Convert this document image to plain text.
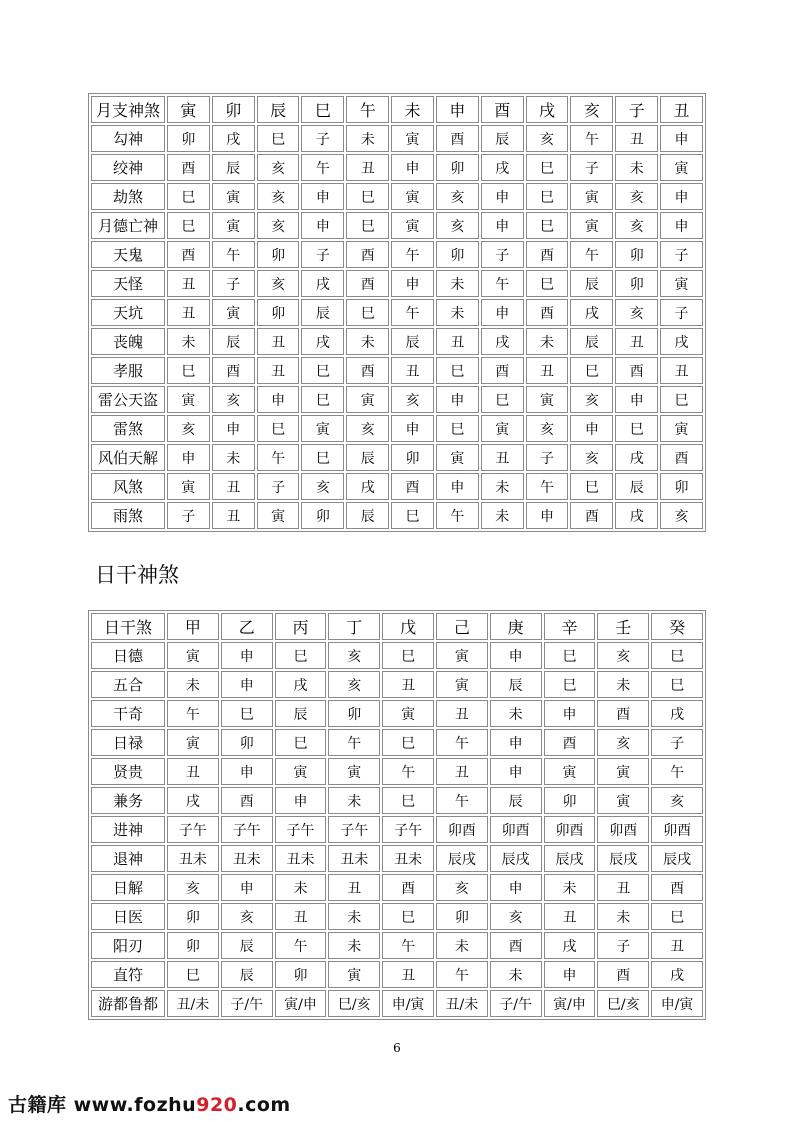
月支神煞	寅	卯	辰	巳	午	未	申	酉	戌	亥	子	丑
勾神	卯	戌	巳	子	未	寅	酉	辰	亥	午	丑	申
绞神	酉	辰	亥	午	丑	申	卯	戌	巳	子	未	寅
劫煞	巳	寅	亥	申	巳	寅	亥	申	巳	寅	亥	申
月德亡神	巳	寅	亥	申	巳	寅	亥	申	巳	寅	亥	申
天鬼	酉	午	卯	子	酉	午	卯	子	酉	午	卯	子
天怪	丑	子	亥	戌	酉	申	未	午	巳	辰	卯	寅
天坑	丑	寅	卯	辰	巳	午	未	申	酉	戌	亥	子
丧魄	未	辰	丑	戌	未	辰	丑	戌	未	辰	丑	戌
孝服	巳	酉	丑	巳	酉	丑	巳	酉	丑	巳	酉	丑
雷公天盗	寅	亥	申	巳	寅	亥	申	巳	寅	亥	申	巳
雷煞	亥	申	巳	寅	亥	申	巳	寅	亥	申	巳	寅
风伯天解	申	未	午	巳	辰	卯	寅	丑	子	亥	戌	酉
风煞	寅	丑	子	亥	戌	酉	申	未	午	巳	辰	卯
雨煞	子	丑	寅	卯	辰	巳	午	未	申	酉	戌	亥
日干神煞
日干煞	甲	乙	丙	丁	戊	己	庚	辛	壬	癸
日德	寅	申	巳	亥	巳	寅	申	巳	亥	巳
五合	未	申	戌	亥	丑	寅	辰	巳	未	巳
干奇	午	巳	辰	卯	寅	丑	未	申	酉	戌
日禄	寅	卯	巳	午	巳	午	申	酉	亥	子
贤贵	丑	申	寅	寅	午	丑	申	寅	寅	午
兼务	戌	酉	申	未	巳	午	辰	卯	寅	亥
进神	子午	子午	子午	子午	子午	卯酉	卯酉	卯酉	卯酉	卯酉
退神	丑未	丑未	丑未	丑未	丑未	辰戌	辰戌	辰戌	辰戌	辰戌
日解	亥	申	未	丑	酉	亥	申	未	丑	酉
日医	卯	亥	丑	未	巳	卯	亥	丑	未	巳
阳刃	卯	辰	午	未	午	未	酉	戌	子	丑
直符	巳	辰	卯	寅	丑	午	未	申	酉	戌
游都鲁都	丑/未	子/午	寅/申	巳/亥	申/寅	丑/未	子/午	寅/申	巳/亥	申/寅
6
古籍库 www.fozhu920.com
